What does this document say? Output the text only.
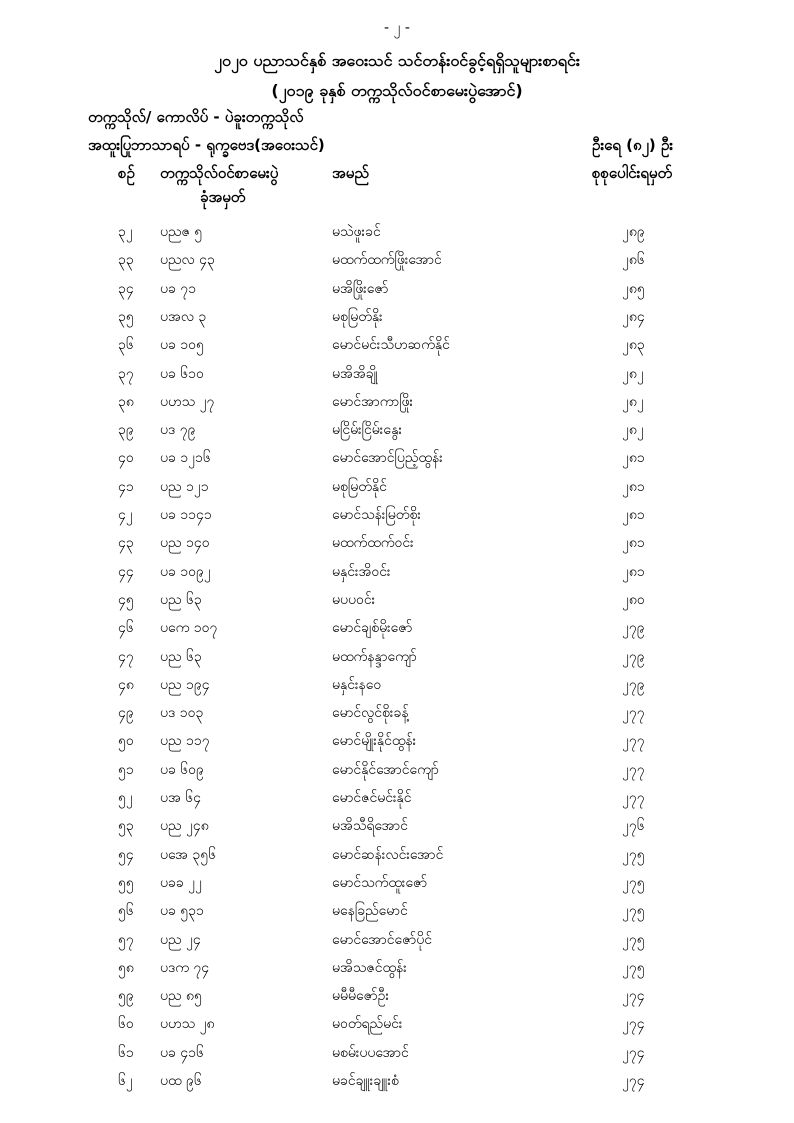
- ၂ -
၂၀၂၀ ပညာသင်နှစ် အဝေးသင် သင်တန်းဝင်ခွင့်ရရှိသူများစာရင်း
(၂၀၁၉ ခုနှစ် တက္ကသိုလ်ဝင်စာမေးပွဲအောင်)
တက္ကသိုလ်/ ကောလိပ် - ပဲခူးတက္ကသိုလ်
အထူးပြုဘာသာရပ် - ရုက္ခဗေဒ(အဝေးသင်)	ဦးရေ (၈၂) ဦး
စဉ် တက္ကသိုလ်ဝင်စာမေးပွဲ
ခုံအမှတ်
အမည်	စုစုပေါင်းရမှတ်
၃၂ ပညဇ ၅	မသဲဖူးခင်	၂၈၉
၃၃ ပညလ ၄၃	မထက်ထက်ဖြိုးအောင်	၂၈၆
၃၄ ပခ ၇၁	မအိဖြိုးဇော်	၂၈၅
၃၅ ပအလ ၃	မစုမြတ်နိုး	၂၈၄
၃၆ ပခ ၁၀၅	မောင်မင်းသီဟဆက်နိုင်	၂၈၃
၃၇ ပခ ၆၁၀	မအိအိချို	၂၈၂
၃၈ ပဟသ ၂၇	မောင်အာကာဖြိုး	၂၈၂
၃၉ ပဒ ၇၉	မငြိမ်းငြိမ်းနွေး	၂၈၂
၄၀ ပခ ၁၂၁၆	မောင်အောင်ပြည့်ထွန်း	၂၈၁
၄၁ ပည ၁၂၁	မစုမြတ်နိုင်	၂၈၁
၄၂ ပခ ၁၁၄၁	မောင်သန်းမြတ်စိုး	၂၈၁
၄၃ ပည ၁၄၀	မထက်ထက်ဝင်း	၂၈၁
၄၄ ပခ ၁၀၉၂	မနှင်းအိဝင်း	၂၈၁
၄၅ ပည ၆၃	မပပဝင်း	၂၈၀
၄၆ ပကေ ၁၀၇	မောင်ချစ်မိုးဇော်	၂၇၉
၄၇ ပည ၆၃	မထက်နန္ဒာကျော်	၂၇၉
၄၈ ပည ၁၉၄	မနှင်းနဝေ	၂၇၉
၄၉ ပဒ ၁၀၃	မောင်လွင်စိုးခန့်	၂၇၇
၅၀ ပည ၁၁၇	မောင်မျိုးနိုင်ထွန်း	၂၇၇
၅၁ ပခ ၆၀၉	မောင်နိုင်အောင်ကျော်	၂၇၇
၅၂ ပအ ၆၄	မောင်ဇင်မင်းနိုင်	၂၇၇
၅၃ ပည ၂၄၈	မအိသီရိအောင်	၂၇၆
၅၄ ပအေ ၃၅၆	မောင်ဆန်းလင်းအောင်	၂၇၅
၅၅ ပခခ ၂၂	မောင်သက်ထူးဇော်	၂၇၅
၅၆ ပခ ၅၃၁	မနေခြည်မောင်	၂၇၅
၅၇ ပည ၂၄	မောင်အောင်ဇော်ပိုင်	၂၇၅
၅၈ ပဒက ၇၄	မအိသဇင်ထွန်း	၂၇၅
၅၉ ပည ၈၅	မမီမီဇော်ဦး	၂၇၄
၆၀ ပဟသ ၂၈	မဝတ်ရည်မင်း	၂၇၄
၆၁ ပခ ၄၁၆	မစမ်းပပအောင်	၂၇၄
၆၂ ပထ ၉၆	မခင်ချူးချူးစံ	၂၇၄
